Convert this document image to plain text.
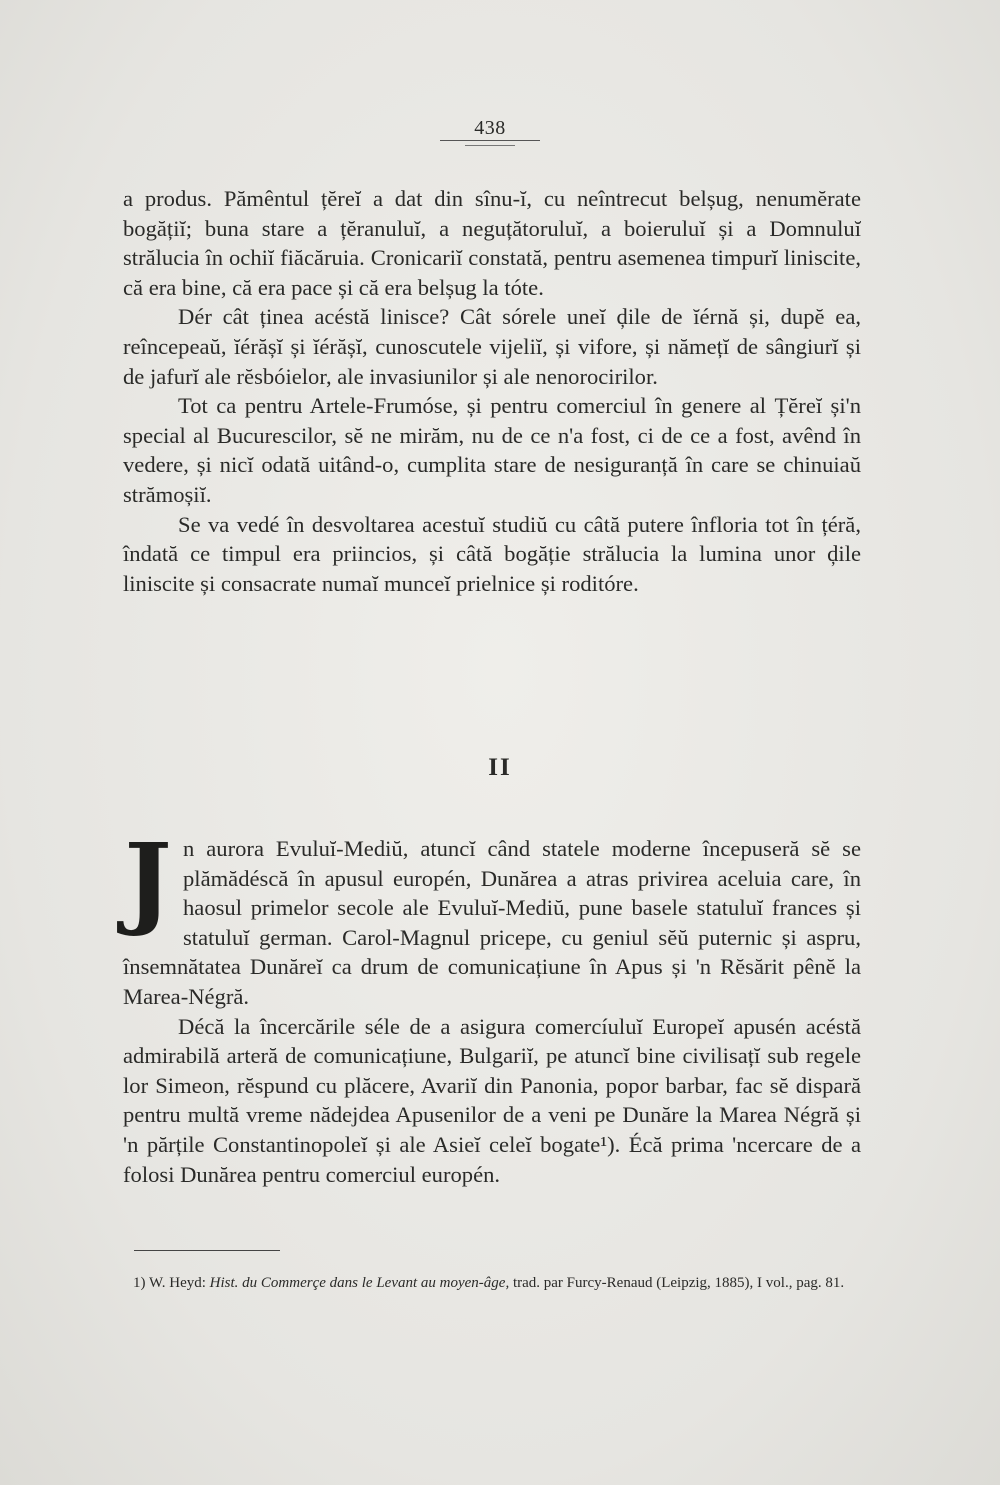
438

a produs. Pămêntul țĕreĭ a dat din sînu-ĭ, cu neîntrecut belșug, nenumĕrate bogățiĭ; buna stare a țĕranuluĭ, a neguțătoruluĭ, a boieruluĭ și a Domnuluĭ strălucia în ochiĭ fiăcăruia. Cronicariĭ constată, pentru asemenea timpurĭ liniscite, că era bine, că era pace și că era belșug la tóte.

Dér cât ținea acéstă linisce? Cât sórele uneĭ ḑile de ĭérnă și, dupĕ ea, reîncepeaŭ, ĭérășĭ și ĭérășĭ, cunoscutele vijeliĭ, și vifore, și nămețĭ de sângiurĭ și de jafurĭ ale rĕsbóielor, ale invasiunilor și ale nenorocirilor.

Tot ca pentru Artele-Frumóse, și pentru comerciul în genere al Țĕreĭ și'n special al Bucurescilor, sĕ ne mirăm, nu de ce n'a fost, ci de ce a fost, avênd în vedere, și nicĭ odată uitând-o, cumplita stare de nesiguranță în care se chinuiaŭ strămoșiĭ.

Se va vedé în desvoltarea acestuĭ studiŭ cu câtă putere înfloria tot în țéră, îndată ce timpul era priincios, și câtă bogăție strălucia la lumina unor ḑile liniscite și consacrate numaĭ munceĭ prielnice și roditóre.

II

J n aurora Evuluĭ-Mediŭ, atuncĭ când statele moderne începuseră sĕ se plămădéscă în apusul europén, Dunărea a atras privirea aceluia care, în haosul primelor secole ale Evuluĭ-Mediŭ, pune basele statuluĭ frances și statuluĭ german. Carol-Magnul pricepe, cu geniul sĕŭ puternic și aspru, însemnătatea Dunăreĭ ca drum de comunicațiune în Apus și 'n Rĕsărit pênĕ la Marea-Négră.

Décă la încercările séle de a asigura comercíuluĭ Europeĭ apusén acéstă admirabilă arteră de comunicațiune, Bulgariĭ, pe atuncĭ bine civilisațĭ sub regele lor Simeon, rĕspund cu plăcere, Avariĭ din Panonia, popor barbar, fac sĕ dispară pentru multă vreme nădejdea Apusenilor de a veni pe Dunăre la Marea Négră și 'n părțile Constantinopoleĭ și ale Asieĭ celeĭ bogate¹). Écă prima 'ncercare de a folosi Dunărea pentru comerciul europén.

1) W. Heyd: Hist. du Commerçe dans le Levant au moyen-âge, trad. par Furcy-Renaud (Leipzig, 1885), I vol., pag. 81.
